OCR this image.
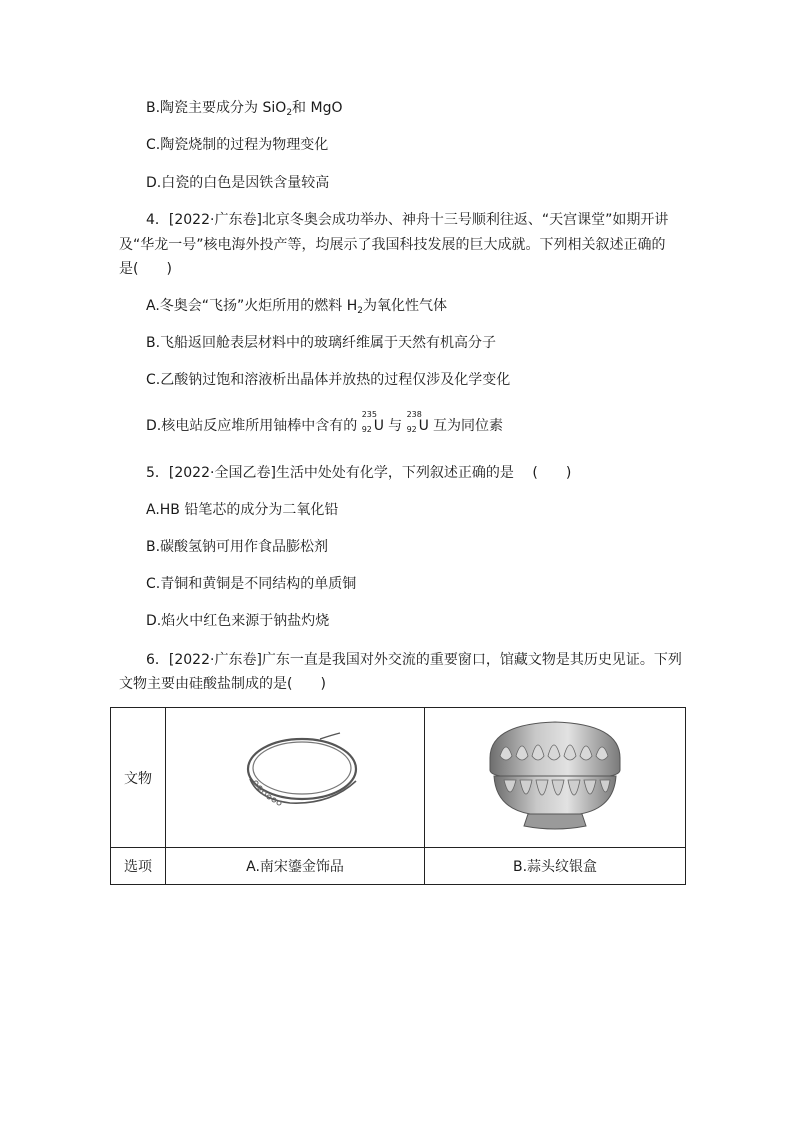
B.陶瓷主要成分为 SiO$_2$和 MgO
C.陶瓷烧制的过程为物理变化
D.白瓷的白色是因铁含量较高
4．[2022·广东卷]北京冬奥会成功举办、神舟十三号顺利往返、“天宫课堂”如期开讲
及“华龙一号”核电海外投产等，均展示了我国科技发展的巨大成就。下列相关叙述正确的
是(　　)
A.冬奥会“飞扬”火炬所用的燃料 $H_2$为氧化性气体
B.飞船返回舱表层材料中的玻璃纤维属于天然有机高分子
C.乙酸钠过饱和溶液析出晶体并放热的过程仅涉及化学变化
D.核电站反应堆所用铀棒中含有的
235
92 U 与
238
92 U 互为同位素
5．[2022·全国乙卷]生活中处处有化学，下列叙述正确的是　 (　　)
A.HB 铅笔芯的成分为二氧化铅
B.碳酸氢钠可用作食品膨松剂
C.青铜和黄铜是不同结构的单质铜
D.焰火中红色来源于钠盐灼烧
6．[2022·广东卷]广东一直是我国对外交流的重要窗口，馆藏文物是其历史见证。下列
文物主要由硅酸盐制成的是(　　)
文物		
选项	A.南宋鎏金饰品	B.蒜头纹银盒
